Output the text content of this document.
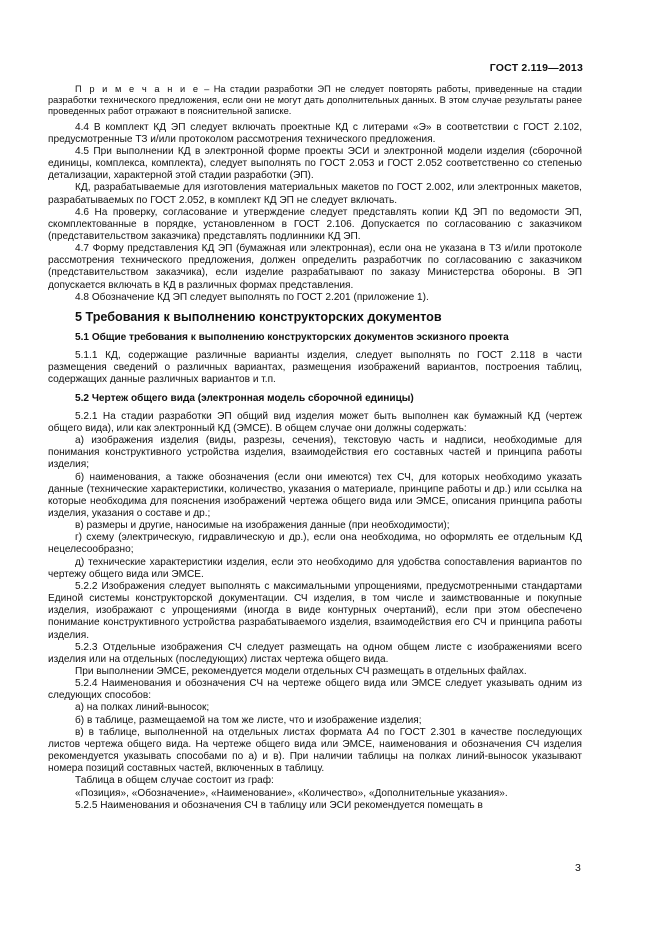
ГОСТ 2.119—2013

П р и м е ч а н и е – На стадии разработки ЭП не следует повторять работы, приведенные на стадии разработки технического предложения, если они не могут дать дополнительных данных. В этом случае результаты ранее проведенных работ отражают в пояснительной записке.

4.4 В комплект КД ЭП следует включать проектные КД с литерами «Э» в соответствии с ГОСТ 2.102, предусмотренные ТЗ и/или протоколом рассмотрения технического предложения.

4.5 При выполнении КД в электронной форме проекты ЭСИ и электронной модели изделия (сборочной единицы, комплекса, комплекта), следует выполнять по ГОСТ 2.053 и ГОСТ 2.052 соответственно со степенью детализации, характерной этой стадии разработки (ЭП).

КД, разрабатываемые для изготовления материальных макетов по ГОСТ 2.002, или электронных макетов, разрабатываемых по ГОСТ 2.052, в комплект КД ЭП не следует включать.

4.6 На проверку, согласование и утверждение следует представлять копии КД ЭП по ведомости ЭП, скомплектованные в порядке, установленном в ГОСТ 2.106. Допускается по согласованию с заказчиком (представительством заказчика) представлять подлинники КД ЭП.

4.7 Форму представления КД ЭП (бумажная или электронная), если она не указана в ТЗ и/или протоколе рассмотрения технического предложения, должен определить разработчик по согласованию с заказчиком (представительством заказчика), если изделие разрабатывают по заказу Министерства обороны. В ЭП допускается включать в КД в различных формах представления.

4.8 Обозначение КД ЭП следует выполнять по ГОСТ 2.201 (приложение 1).

5 Требования к выполнению конструкторских документов
5.1 Общие требования к выполнению конструкторских документов эскизного проекта

5.1.1 КД, содержащие различные варианты изделия, следует выполнять по ГОСТ 2.118 в части размещения сведений о различных вариантах, размещения изображений вариантов, построения таблиц, содержащих данные различных вариантов и т.п.

5.2 Чертеж общего вида (электронная модель сборочной единицы)

5.2.1 На стадии разработки ЭП общий вид изделия может быть выполнен как бумажный КД (чертеж общего вида), или как электронный КД (ЭМСЕ). В общем случае они должны содержать:

а) изображения изделия (виды, разрезы, сечения), текстовую часть и надписи, необходимые для понимания конструктивного устройства изделия, взаимодействия его составных частей и принципа работы изделия;

б) наименования, а также обозначения (если они имеются) тех СЧ, для которых необходимо указать данные (технические характеристики, количество, указания о материале, принципе работы и др.) или ссылка на которые необходима для пояснения изображений чертежа общего вида или ЭМСЕ, описания принципа работы изделия, указания о составе и др.;

в) размеры и другие, наносимые на изображения данные (при необходимости);

г) схему (электрическую, гидравлическую и др.), если она необходима, но оформлять ее отдельным КД нецелесообразно;

д) технические характеристики изделия, если это необходимо для удобства сопоставления вариантов по чертежу общего вида или ЭМСЕ.

5.2.2 Изображения следует выполнять с максимальными упрощениями, предусмотренными стандартами Единой системы конструкторской документации. СЧ изделия, в том числе и заимствованные и покупные изделия, изображают с упрощениями (иногда в виде контурных очертаний), если при этом обеспечено понимание конструктивного устройства разрабатываемого изделия, взаимодействия его СЧ и принципа работы изделия.

5.2.3 Отдельные изображения СЧ следует размещать на одном общем листе с изображениями всего изделия или на отдельных (последующих) листах чертежа общего вида.

При выполнении ЭМСЕ, рекомендуется модели отдельных СЧ размещать в отдельных файлах.

5.2.4 Наименования и обозначения СЧ на чертеже общего вида или ЭМСЕ следует указывать одним из следующих способов:

а) на полках линий-выносок;

б) в таблице, размещаемой на том же листе, что и изображение изделия;

в) в таблице, выполненной на отдельных листах формата А4 по ГОСТ 2.301 в качестве последующих листов чертежа общего вида. На чертеже общего вида или ЭМСЕ, наименования и обозначения СЧ изделия рекомендуется указывать способами по а) и в). При наличии таблицы на полках линий-выносок указывают номера позиций составных частей, включенных в таблицу.

Таблица в общем случае состоит из граф:

«Позиция», «Обозначение», «Наименование», «Количество», «Дополнительные указания».

5.2.5 Наименования и обозначения СЧ в таблицу или ЭСИ рекомендуется помещать в

3
